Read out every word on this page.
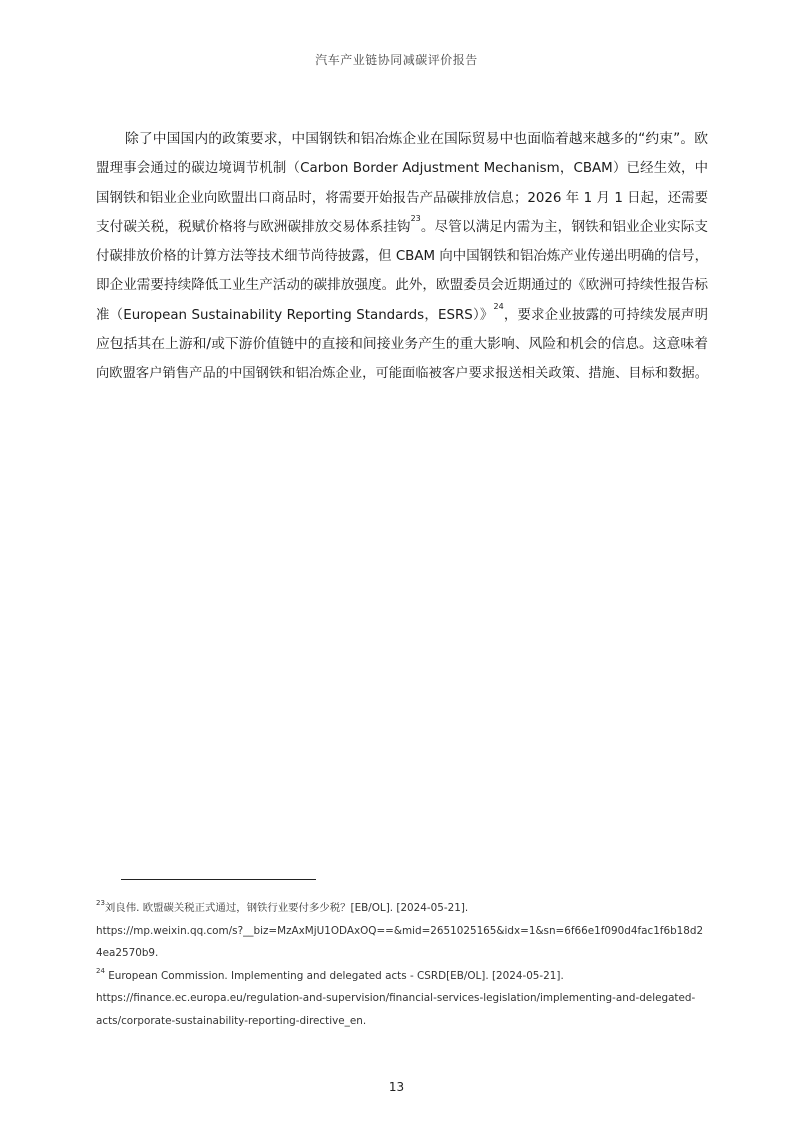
汽车产业链协同减碳评价报告
除了中国国内的政策要求，中国钢铁和铝冶炼企业在国际贸易中也面临着越来越多的“约束”。欧
盟理事会通过的碳边境调节机制（Carbon Border Adjustment Mechanism，CBAM）已经生效，中
国钢铁和铝业企业向欧盟出口商品时，将需要开始报告产品碳排放信息；2026 年 1 月 1 日起，还需要
支付碳关税，税赋价格将与欧洲碳排放交易体系挂钩$^{23}$。尽管以满足内需为主，钢铁和铝业企业实际支
付碳排放价格的计算方法等技术细节尚待披露，但 CBAM 向中国钢铁和铝冶炼产业传递出明确的信号，
即企业需要持续降低工业生产活动的碳排放强度。此外，欧盟委员会近期通过的《欧洲可持续性报告标
准（European Sustainability Reporting Standards，ESRS）》$^{24}$，要求企业披露的可持续发展声明
应包括其在上游和/或下游价值链中的直接和间接业务产生的重大影响、风险和机会的信息。这意味着
向欧盟客户销售产品的中国钢铁和铝冶炼企业，可能面临被客户要求报送相关政策、措施、目标和数据。
$^{23}$刘良伟. 欧盟碳关税正式通过，钢铁行业要付多少税？[EB/OL]. [2024-05-21].
https://mp.weixin.qq.com/s?__biz=MzAxMjU1ODAxOQ==&mid=2651025165&idx=1&sn=6f66e1f090d4fac1f6b18d2
4ea2570b9.
$^{24}$ European Commission. Implementing and delegated acts - CSRD[EB/OL]. [2024-05-21].
https://finance.ec.europa.eu/regulation-and-supervision/financial-services-legislation/implementing-and-delegated-
acts/corporate-sustainability-reporting-directive_en.
13
